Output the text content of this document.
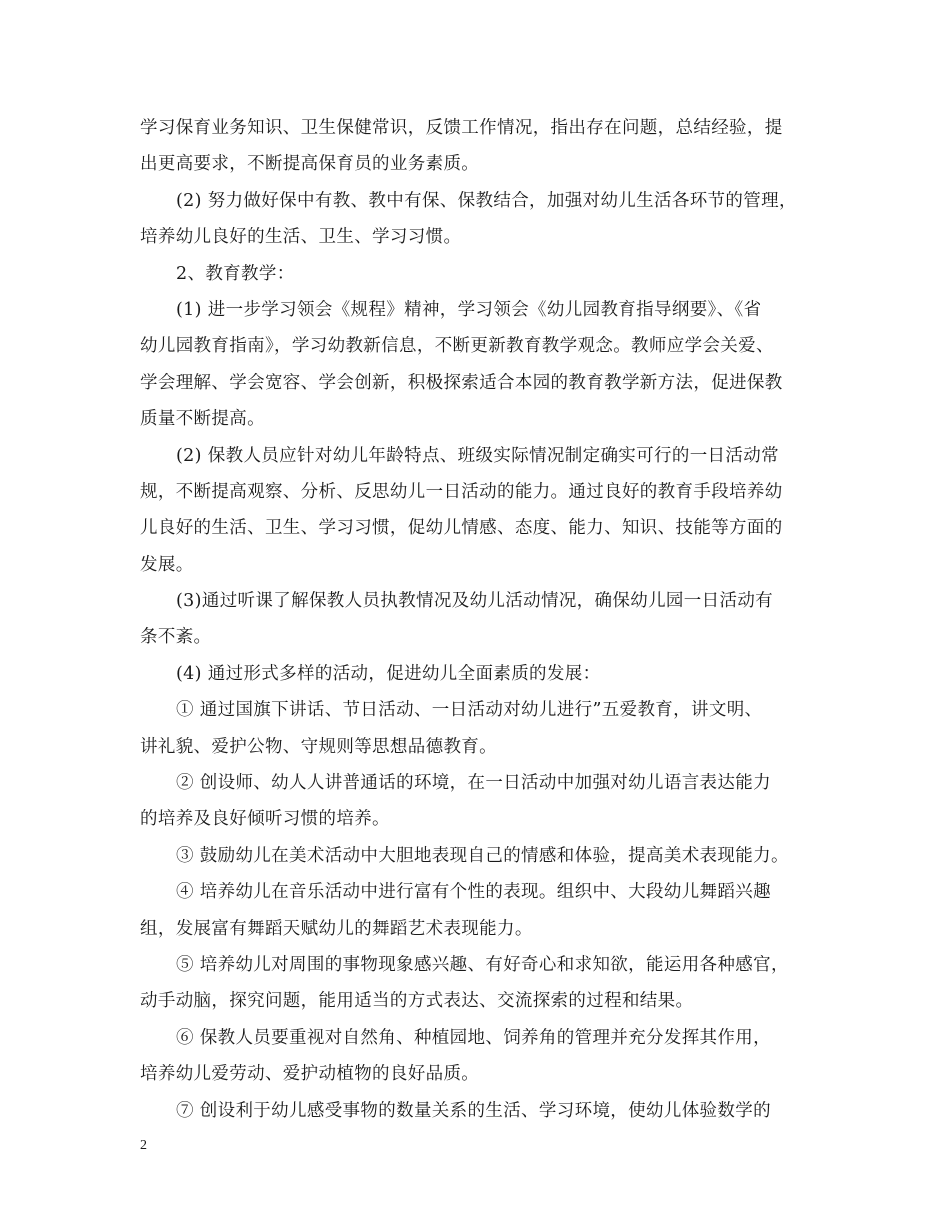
学习保育业务知识、卫生保健常识，反馈工作情况，指出存在问题，总结经验，提
出更高要求，不断提高保育员的业务素质。
(2) 努力做好保中有教、教中有保、保教结合，加强对幼儿生活各环节的管理，
培养幼儿良好的生活、卫生、学习习惯。
2、教育教学：
(1) 进一步学习领会《规程》精神，学习领会《幼儿园教育指导纲要》、《省
幼儿园教育指南》，学习幼教新信息，不断更新教育教学观念。教师应学会关爱、
学会理解、学会宽容、学会创新，积极探索适合本园的教育教学新方法，促进保教
质量不断提高。
(2) 保教人员应针对幼儿年龄特点、班级实际情况制定确实可行的一日活动常
规，不断提高观察、分析、反思幼儿一日活动的能力。通过良好的教育手段培养幼
儿良好的生活、卫生、学习习惯，促幼儿情感、态度、能力、知识、技能等方面的
发展。
(3)通过听课了解保教人员执教情况及幼儿活动情况，确保幼儿园一日活动有
条不紊。
(4) 通过形式多样的活动，促进幼儿全面素质的发展：
① 通过国旗下讲话、节日活动、一日活动对幼儿进行”五爱教育，讲文明、
讲礼貌、爱护公物、守规则等思想品德教育。
② 创设师、幼人人讲普通话的环境，在一日活动中加强对幼儿语言表达能力
的培养及良好倾听习惯的培养。
③ 鼓励幼儿在美术活动中大胆地表现自己的情感和体验，提高美术表现能力。
④ 培养幼儿在音乐活动中进行富有个性的表现。组织中、大段幼儿舞蹈兴趣
组，发展富有舞蹈天赋幼儿的舞蹈艺术表现能力。
⑤ 培养幼儿对周围的事物现象感兴趣、有好奇心和求知欲，能运用各种感官，
动手动脑，探究问题，能用适当的方式表达、交流探索的过程和结果。
⑥ 保教人员要重视对自然角、种植园地、饲养角的管理并充分发挥其作用，
培养幼儿爱劳动、爱护动植物的良好品质。
⑦ 创设利于幼儿感受事物的数量关系的生活、学习环境，使幼儿体验数学的
2
